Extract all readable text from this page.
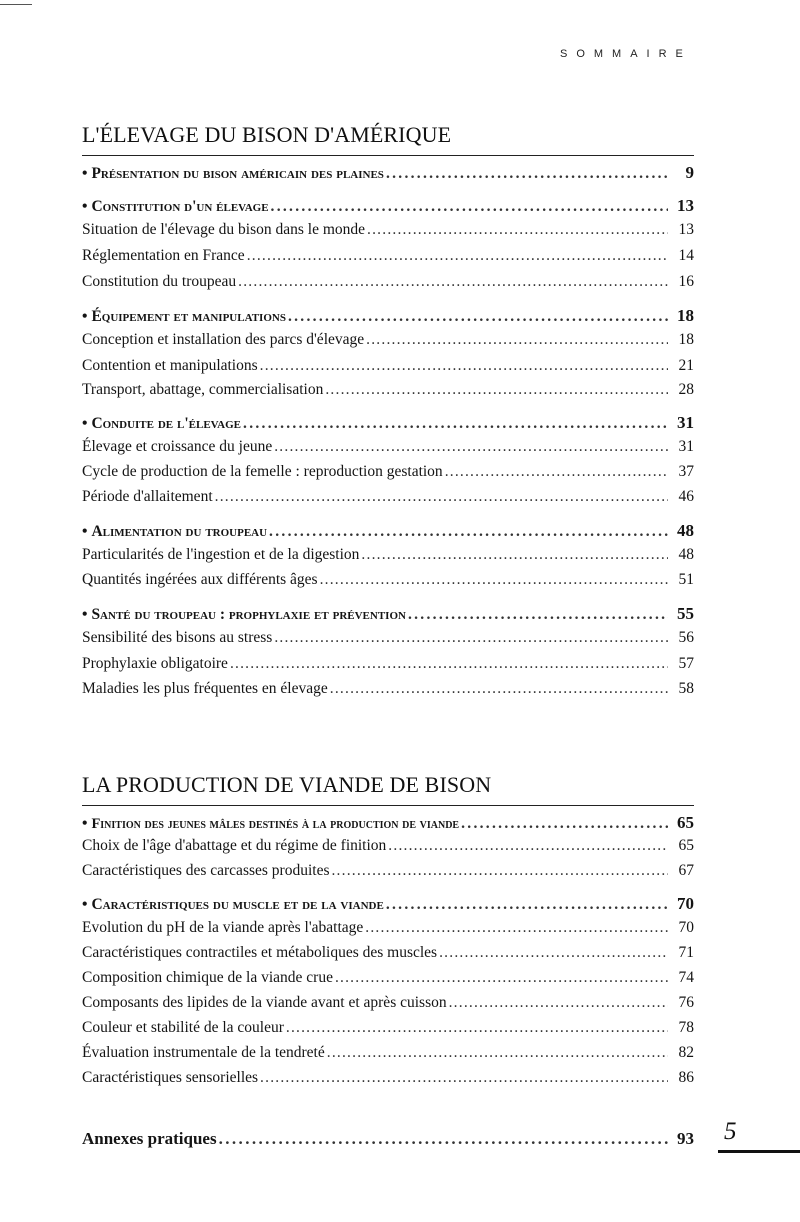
SOMMAIRE
L'ÉLEVAGE DU BISON D'AMÉRIQUE
• Présentation du bison américain des plaines .....	9
• Constitution d'un élevage .....	13
Situation de l'élevage du bison dans le monde .....	13
Réglementation en France .....	14
Constitution du troupeau .....	16
• Équipement et manipulations .....	18
Conception et installation des parcs d'élevage .....	18
Contention et manipulations .....	21
Transport, abattage, commercialisation .....	28
• Conduite de l'élevage .....	31
Élevage et croissance du jeune .....	31
Cycle de production de la femelle : reproduction gestation .....	37
Période d'allaitement .....	46
• Alimentation du troupeau .....	48
Particularités de l'ingestion et de la digestion .....	48
Quantités ingérées aux différents âges .....	51
• Santé du troupeau : prophylaxie et prévention .....	55
Sensibilité des bisons au stress .....	56
Prophylaxie obligatoire .....	57
Maladies les plus fréquentes en élevage .....	58
LA PRODUCTION DE VIANDE DE BISON
• Finition des jeunes mâles destinés à la production de viande .....	65
Choix de l'âge d'abattage et du régime de finition .....	65
Caractéristiques des carcasses produites .....	67
• Caractéristiques du muscle et de la viande .....	70
Evolution du pH de la viande après l'abattage .....	70
Caractéristiques contractiles et métaboliques des muscles .....	71
Composition chimique de la viande crue .....	74
Composants des lipides de la viande avant et après cuisson .....	76
Couleur et stabilité de la couleur .....	78
Évaluation instrumentale de la tendreté .....	82
Caractéristiques sensorielles .....	86
Annexes pratiques .....	93 5
